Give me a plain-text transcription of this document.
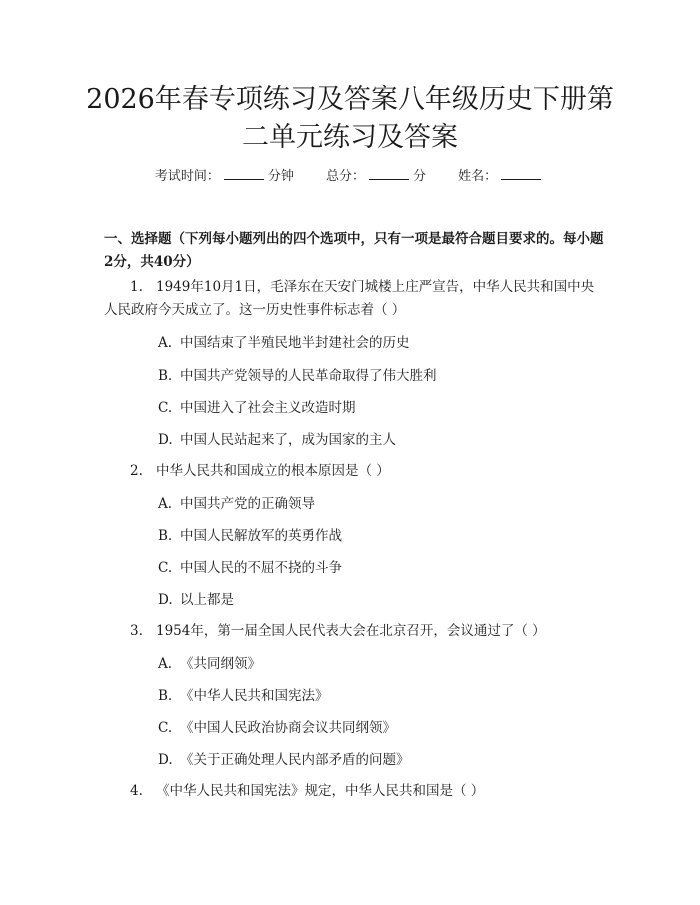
2026年春专项练习及答案八年级历史下册第
二单元练习及答案
考试时间：	分钟 总分：	分 姓名：

一、选择题（下列每小题列出的四个选项中，只有一项是最符合题目要求的。每小题2分，共40分）

1. 1949年10月1日，毛泽东在天安门城楼上庄严宣告，中华人民共和国中央人民政府今天成立了。这一历史性事件标志着（ ）

A. 中国结束了半殖民地半封建社会的历史
B. 中国共产党领导的人民革命取得了伟大胜利
C. 中国进入了社会主义改造时期
D. 中国人民站起来了，成为国家的主人

2. 中华人民共和国成立的根本原因是（ ）

A. 中国共产党的正确领导
B. 中国人民解放军的英勇作战
C. 中国人民的不屈不挠的斗争
D. 以上都是

3. 1954年，第一届全国人民代表大会在北京召开，会议通过了（ ）

A. 《共同纲领》
B. 《中华人民共和国宪法》
C. 《中国人民政治协商会议共同纲领》
D. 《关于正确处理人民内部矛盾的问题》

4. 《中华人民共和国宪法》规定，中华人民共和国是（ ）
